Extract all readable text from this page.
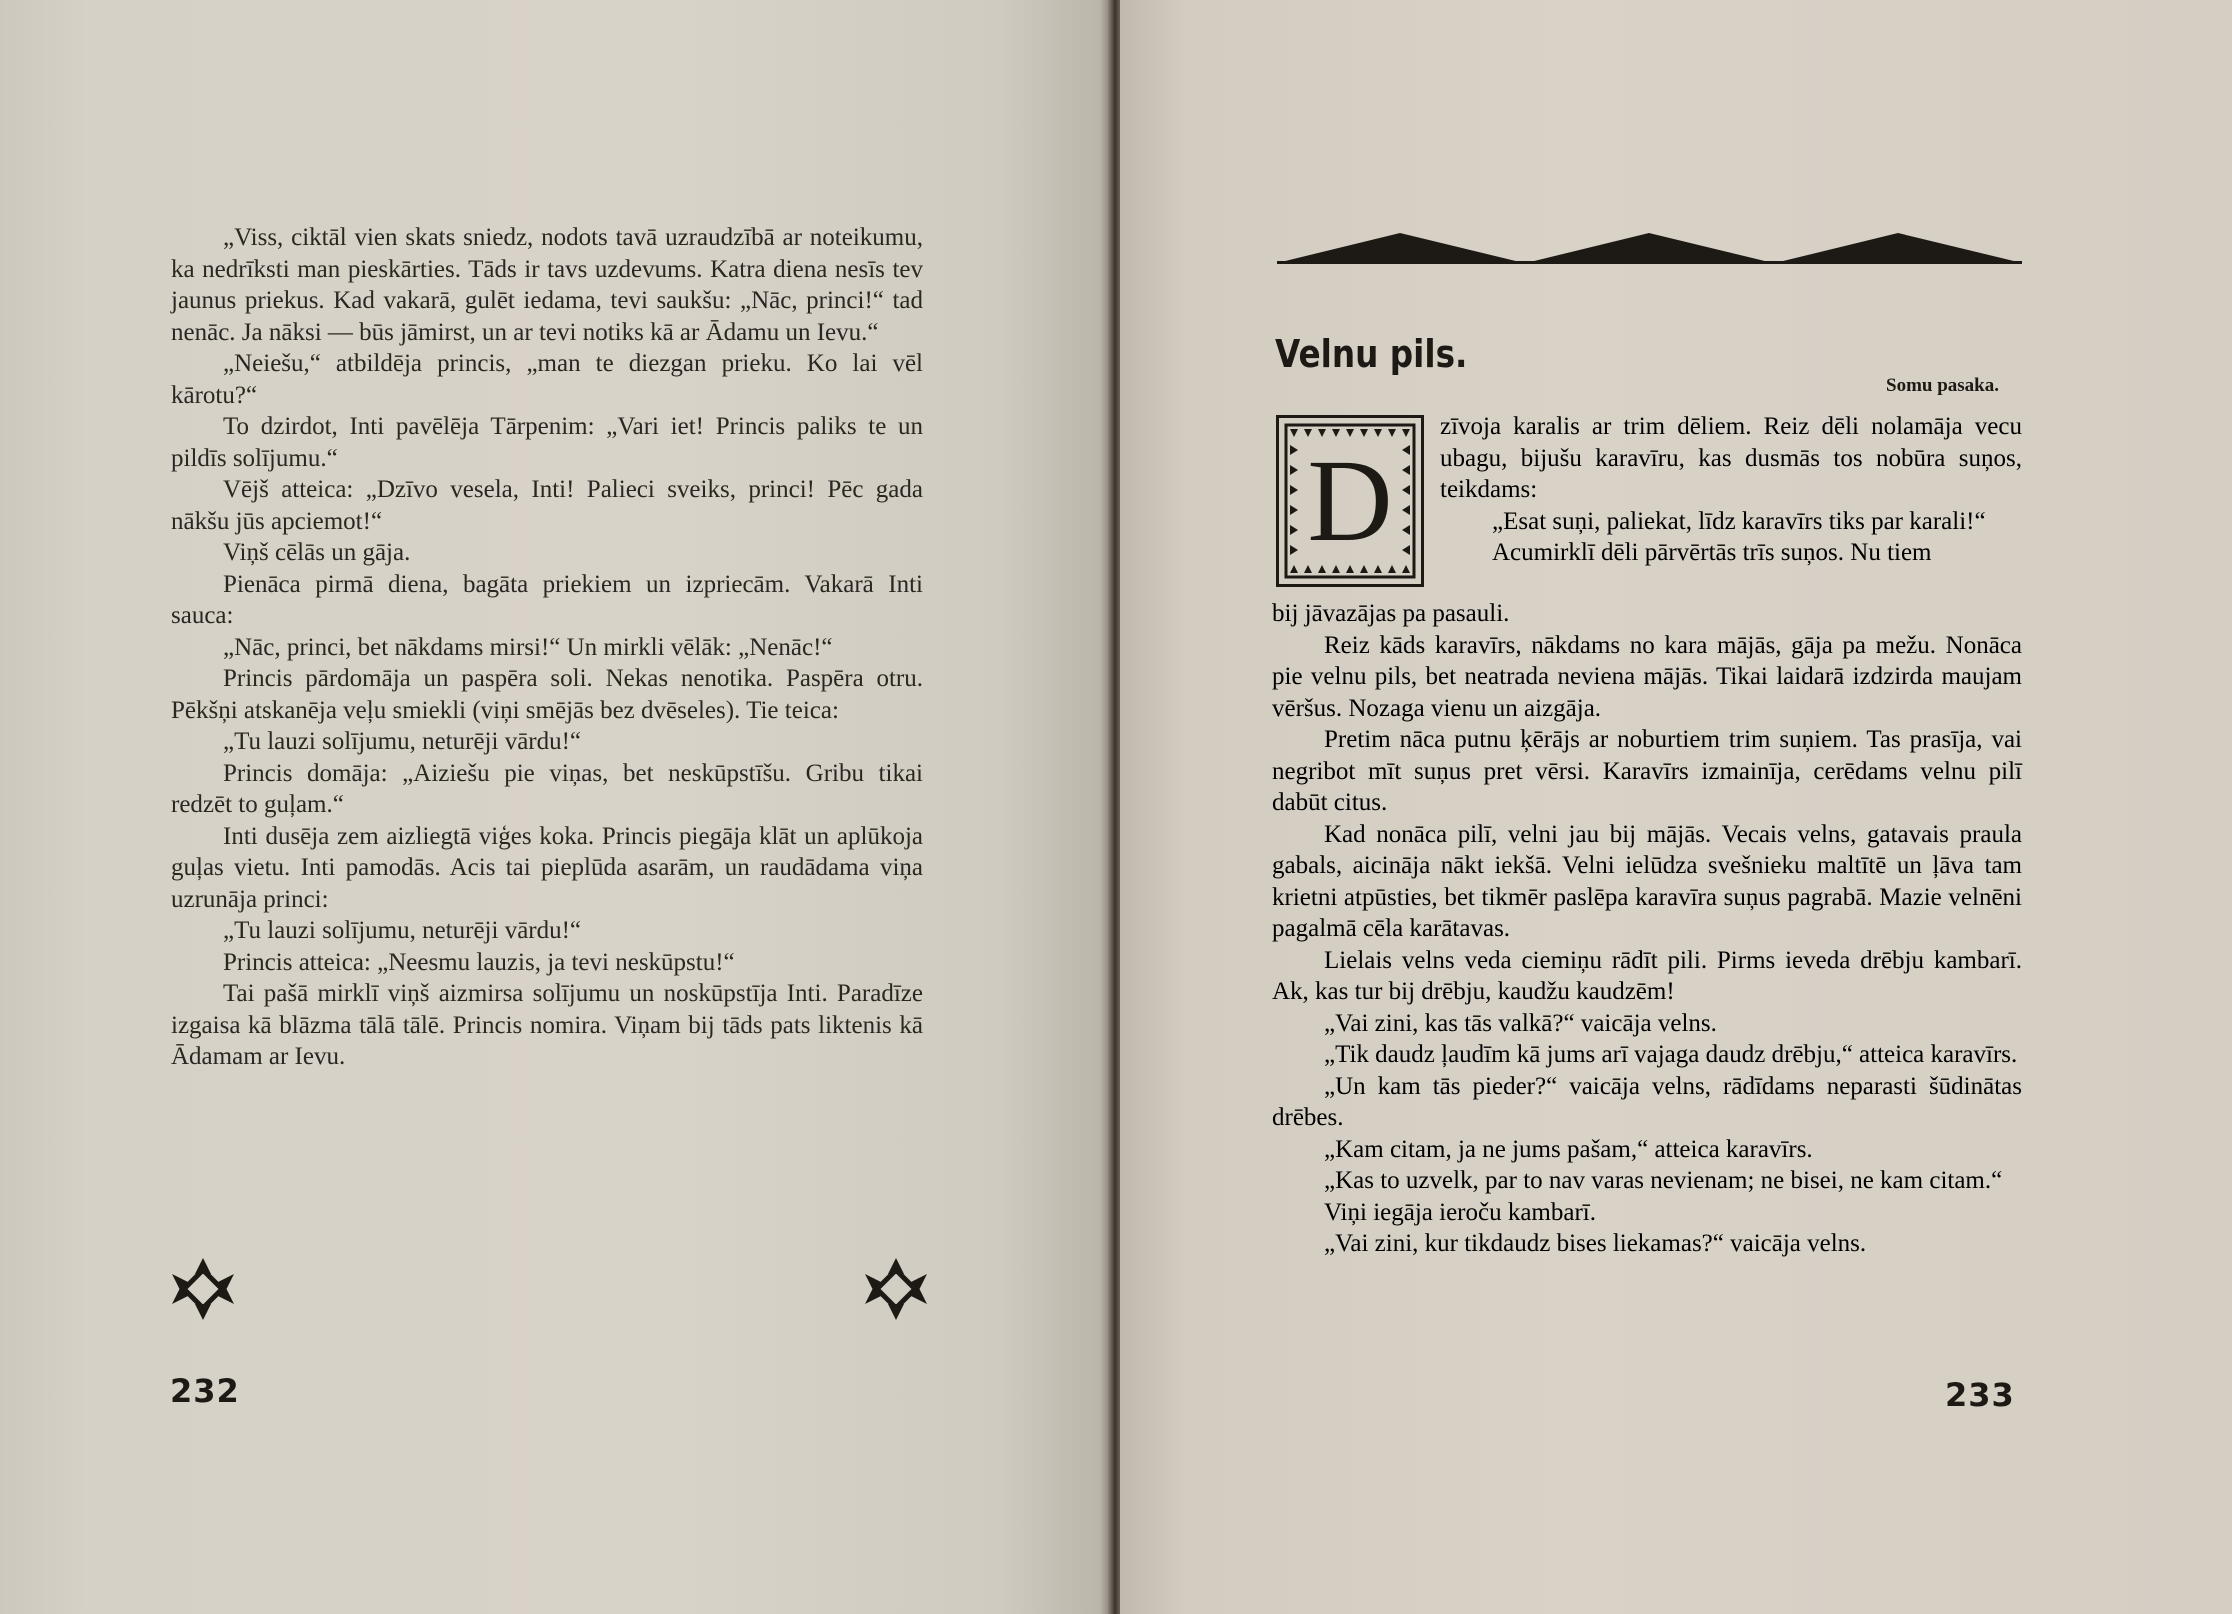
„Viss, ciktāl vien skats sniedz, nodots tavā uzraudzībā ar noteikumu, ka nedrīksti man pieskārties. Tāds ir tavs uzdevums. Katra diena nesīs tev jaunus priekus. Kad vakarā, gulēt iedama, tevi saukšu: „Nāc, princi!“ tad nenāc. Ja nāksi — būs jāmirst, un ar tevi notiks kā ar Ādamu un Ievu.“

„Neiešu,“ atbildēja princis, „man te diezgan prieku. Ko lai vēl kārotu?“

To dzirdot, Inti pavēlēja Tārpenim: „Vari iet! Princis paliks te un pildīs solījumu.“

Vējš atteica: „Dzīvo vesela, Inti! Palieci sveiks, princi! Pēc gada nākšu jūs apciemot!“

Viņš cēlās un gāja.

Pienāca pirmā diena, bagāta priekiem un izpriecām. Vakarā Inti sauca:

„Nāc, princi, bet nākdams mirsi!“ Un mirkli vēlāk: „Nenāc!“

Princis pārdomāja un paspēra soli. Nekas nenotika. Paspēra otru. Pēkšņi atskanēja veļu smiekli (viņi smējās bez dvēseles). Tie teica:

„Tu lauzi solījumu, neturēji vārdu!“

Princis domāja: „Aiziešu pie viņas, bet neskūpstīšu. Gribu tikai redzēt to guļam.“

Inti dusēja zem aizliegtā viģes koka. Princis piegāja klāt un aplūkoja guļas vietu. Inti pamodās. Acis tai pieplūda asarām, un raudādama viņa uzrunāja princi:

„Tu lauzi solījumu, neturēji vārdu!“

Princis atteica: „Neesmu lauzis, ja tevi neskūpstu!“

Tai pašā mirklī viņš aizmirsa solījumu un noskūpstīja Inti. Paradīze izgaisa kā blāzma tālā tālē. Princis nomira. Viņam bij tāds pats liktenis kā Ādamam ar Ievu.

232
Velnu pils.
Somu pasaka.
D

zīvoja karalis ar trim dēliem. Reiz dēli nolamāja vecu ubagu, bijušu karavīru, kas dusmās tos nobūra suņos, teikdams:

„Esat suņi, paliekat, līdz karavīrs tiks par karali!“

Acumirklī dēli pārvērtās trīs suņos. Nu tiem

bij jāvazājas pa pasauli.

Reiz kāds karavīrs, nākdams no kara mājās, gāja pa mežu. Nonāca pie velnu pils, bet neatrada neviena mājās. Tikai laidarā izdzirda maujam vēršus. Nozaga vienu un aizgāja.

Pretim nāca putnu ķērājs ar noburtiem trim suņiem. Tas prasīja, vai negribot mīt suņus pret vērsi. Karavīrs izmainīja, cerēdams velnu pilī dabūt citus.

Kad nonāca pilī, velni jau bij mājās. Vecais velns, gatavais praula gabals, aicināja nākt iekšā. Velni ielūdza svešnieku maltītē un ļāva tam krietni atpūsties, bet tikmēr paslēpa karavīra suņus pagrabā. Mazie velnēni pagalmā cēla karātavas.

Lielais velns veda ciemiņu rādīt pili. Pirms ieveda drēbju kambarī. Ak, kas tur bij drēbju, kaudžu kaudzēm!

„Vai zini, kas tās valkā?“ vaicāja velns.

„Tik daudz ļaudīm kā jums arī vajaga daudz drēbju,“ atteica karavīrs.

„Un kam tās pieder?“ vaicāja velns, rādīdams neparasti šūdinātas drēbes.

„Kam citam, ja ne jums pašam,“ atteica karavīrs.

„Kas to uzvelk, par to nav varas nevienam; ne bisei, ne kam citam.“

Viņi iegāja ieroču kambarī.

„Vai zini, kur tikdaudz bises liekamas?“ vaicāja velns.

233
